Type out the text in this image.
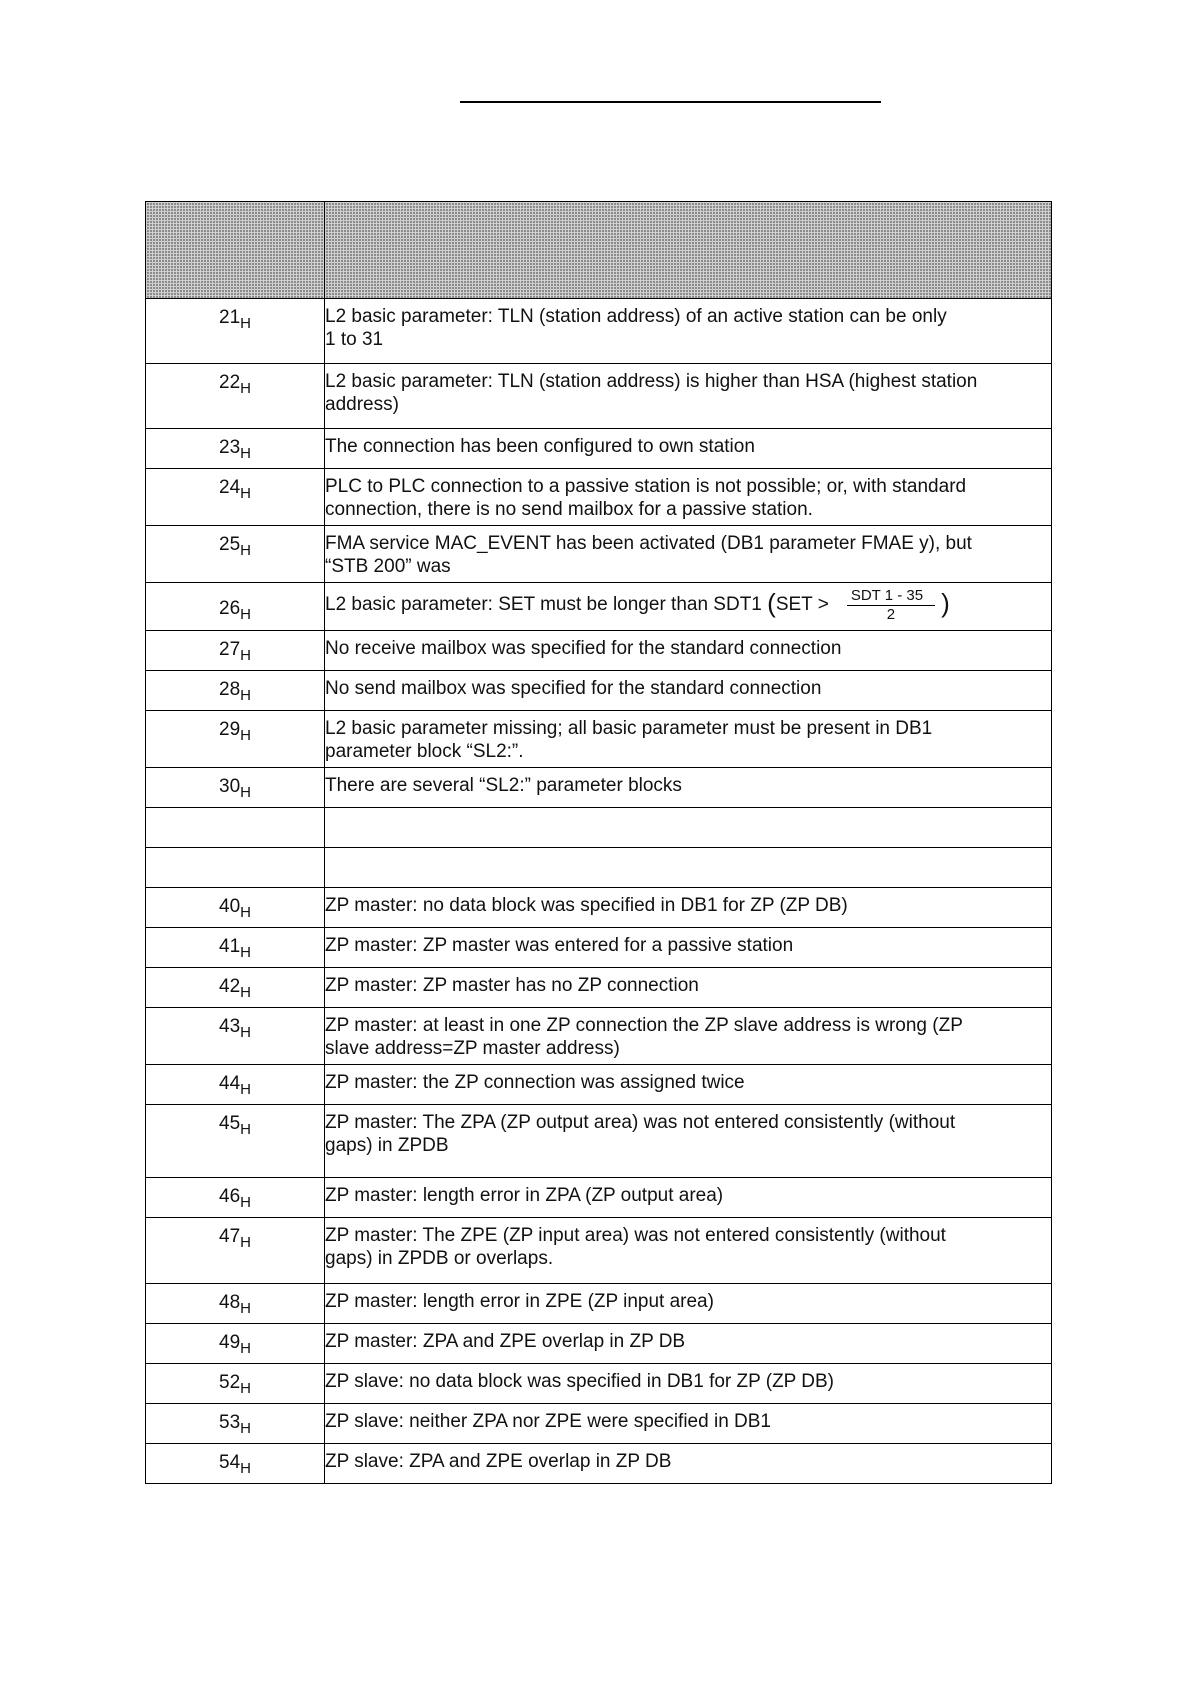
$21_H$	L2 basic parameter: TLN (station address) of an active station can be only
1 to 31

$22_H$	L2 basic parameter: TLN (station address) is higher than HSA (highest station
address)

$23_H$	The connection has been configured to own station

$24_H$	PLC to PLC connection to a passive station is not possible; or, with standard
connection, there is no send mailbox for a passive station.

$25_H$	FMA service MAC_EVENT has been activated (DB1 parameter FMAE y), but
“STB 200” was

$26_H$	L2 basic parameter: SET must be longer than SDT1 ($SET > \frac{\text{SDT 1 - 35}}{2}$ )

$27_H$	No receive mailbox was specified for the standard connection

$28_H$	No send mailbox was specified for the standard connection

$29_H$	L2 basic parameter missing; all basic parameter must be present in DB1
parameter block “SL2:”.

$30_H$	There are several “SL2:” parameter blocks

$40_H$	ZP master: no data block was specified in DB1 for ZP (ZP DB)

$41_H$	ZP master: ZP master was entered for a passive station

$42_H$	ZP master: ZP master has no ZP connection

$43_H$	ZP master: at least in one ZP connection the ZP slave address is wrong (ZP
slave address=ZP master address)

$44_H$	ZP master: the ZP connection was assigned twice

$45_H$	ZP master: The ZPA (ZP output area) was not entered consistently (without
gaps) in ZPDB

$46_H$	ZP master: length error in ZPA (ZP output area)

$47_H$	ZP master: The ZPE (ZP input area) was not entered consistently (without
gaps) in ZPDB or overlaps.

$48_H$	ZP master: length error in ZPE (ZP input area)

$49_H$	ZP master: ZPA and ZPE overlap in ZP DB

$52_H$	ZP slave: no data block was specified in DB1 for ZP (ZP DB)

$53_H$	ZP slave: neither ZPA nor ZPE were specified in DB1

$54_H$	ZP slave: ZPA and ZPE overlap in ZP DB
